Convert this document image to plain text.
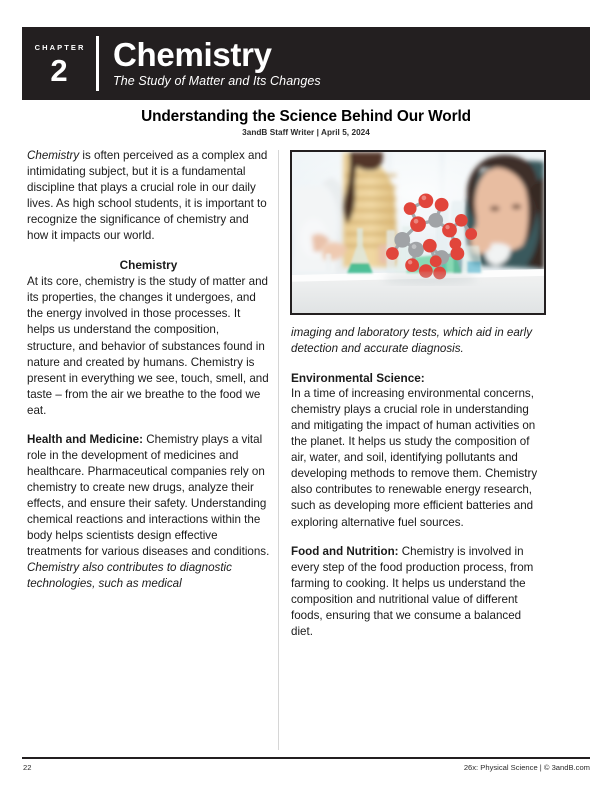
CHAPTER
2 Chemistry
The Study of Matter and Its Changes
Understanding the Science Behind Our World
3andB Staff Writer | April 5, 2024

Chemistry is often perceived as a complex and intimidating subject, but it is a fundamental discipline that plays a crucial role in our daily lives. As high school students, it is important to recognize the significance of chemistry and how it impacts our world.

Chemistry

At its core, chemistry is the study of matter and its properties, the changes it undergoes, and the energy involved in those processes. It helps us understand the composition, structure, and behavior of substances found in nature and created by humans. Chemistry is present in everything we see, touch, smell, and taste – from the air we breathe to the food we eat.

Health and Medicine: Chemistry plays a vital role in the development of medicines and healthcare. Pharmaceutical companies rely on chemistry to create new drugs, analyze their effects, and ensure their safety. Understanding chemical reactions and interactions within the body helps scientists design effective treatments for various diseases and conditions. Chemistry also contributes to diagnostic technologies, such as medical

imaging and laboratory tests, which aid in early detection and accurate diagnosis.

Environmental Science:

In a time of increasing environmental concerns, chemistry plays a crucial role in understanding and mitigating the impact of human activities on the planet. It helps us study the composition of air, water, and soil, identifying pollutants and developing methods to remove them. Chemistry also contributes to renewable energy research, such as developing more efficient batteries and exploring alternative fuel sources.

Food and Nutrition: Chemistry is involved in every step of the food production process, from farming to cooking. It helps us understand the composition and nutritional value of different foods, ensuring that we consume a balanced diet.

22	26x: Physical Science | © 3andB.com
